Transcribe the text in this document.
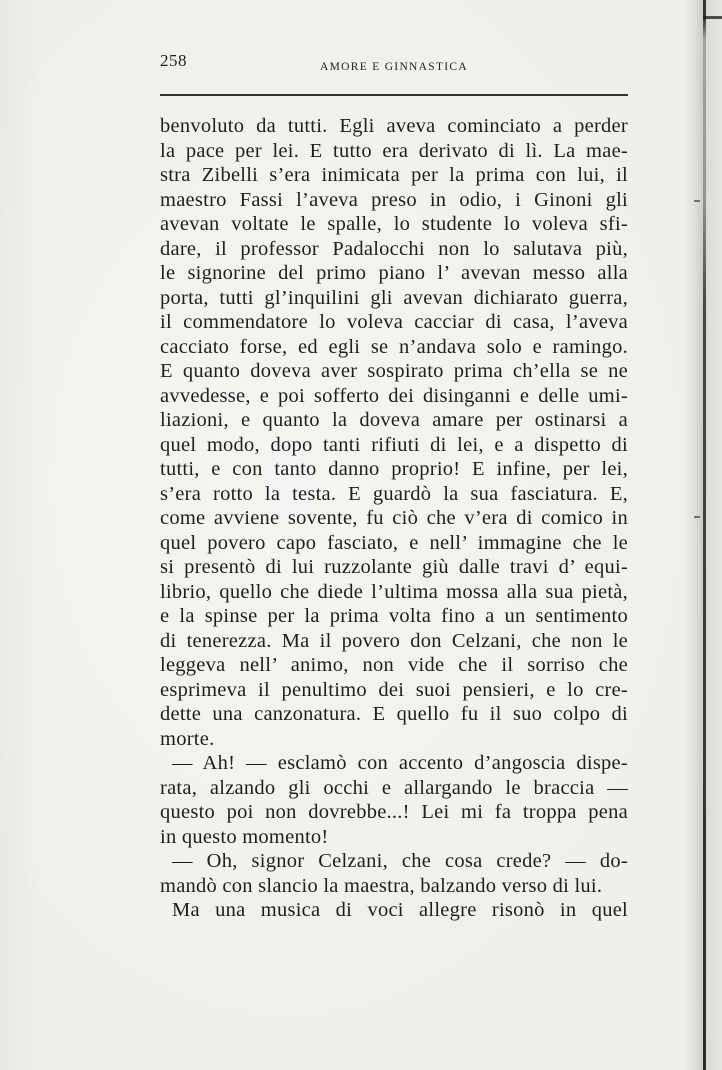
258	AMORE E GINNASTICA
benvoluto da tutti. Egli aveva cominciato a perder
la pace per lei. E tutto era derivato di lì. La mae-
stra Zibelli s’era inimicata per la prima con lui, il
maestro Fassi l’aveva preso in odio, i Ginoni gli
avevan voltate le spalle, lo studente lo voleva sfi-
dare, il professor Padalocchi non lo salutava più,
le signorine del primo piano l’ avevan messo alla
porta, tutti gl’inquilini gli avevan dichiarato guerra,
il commendatore lo voleva cacciar di casa, l’aveva
cacciato forse, ed egli se n’andava solo e ramingo.
E quanto doveva aver sospirato prima ch’ella se ne
avvedesse, e poi sofferto dei disinganni e delle umi-
liazioni, e quanto la doveva amare per ostinarsi a
quel modo, dopo tanti rifiuti di lei, e a dispetto di
tutti, e con tanto danno proprio! E infine, per lei,
s’era rotto la testa. E guardò la sua fasciatura. E,
come avviene sovente, fu ciò che v’era di comico in
quel povero capo fasciato, e nell’ immagine che le
si presentò di lui ruzzolante giù dalle travi d’ equi-
librio, quello che diede l’ultima mossa alla sua pietà,
e la spinse per la prima volta fino a un sentimento
di tenerezza. Ma il povero don Celzani, che non le
leggeva nell’ animo, non vide che il sorriso che
esprimeva il penultimo dei suoi pensieri, e lo cre-
dette una canzonatura. E quello fu il suo colpo di
morte.
— Ah! — esclamò con accento d’angoscia dispe-
rata, alzando gli occhi e allargando le braccia —
questo poi non dovrebbe...! Lei mi fa troppa pena
in questo momento!
— Oh, signor Celzani, che cosa crede? — do-
mandò con slancio la maestra, balzando verso di lui.
Ma una musica di voci allegre risonò in quel
